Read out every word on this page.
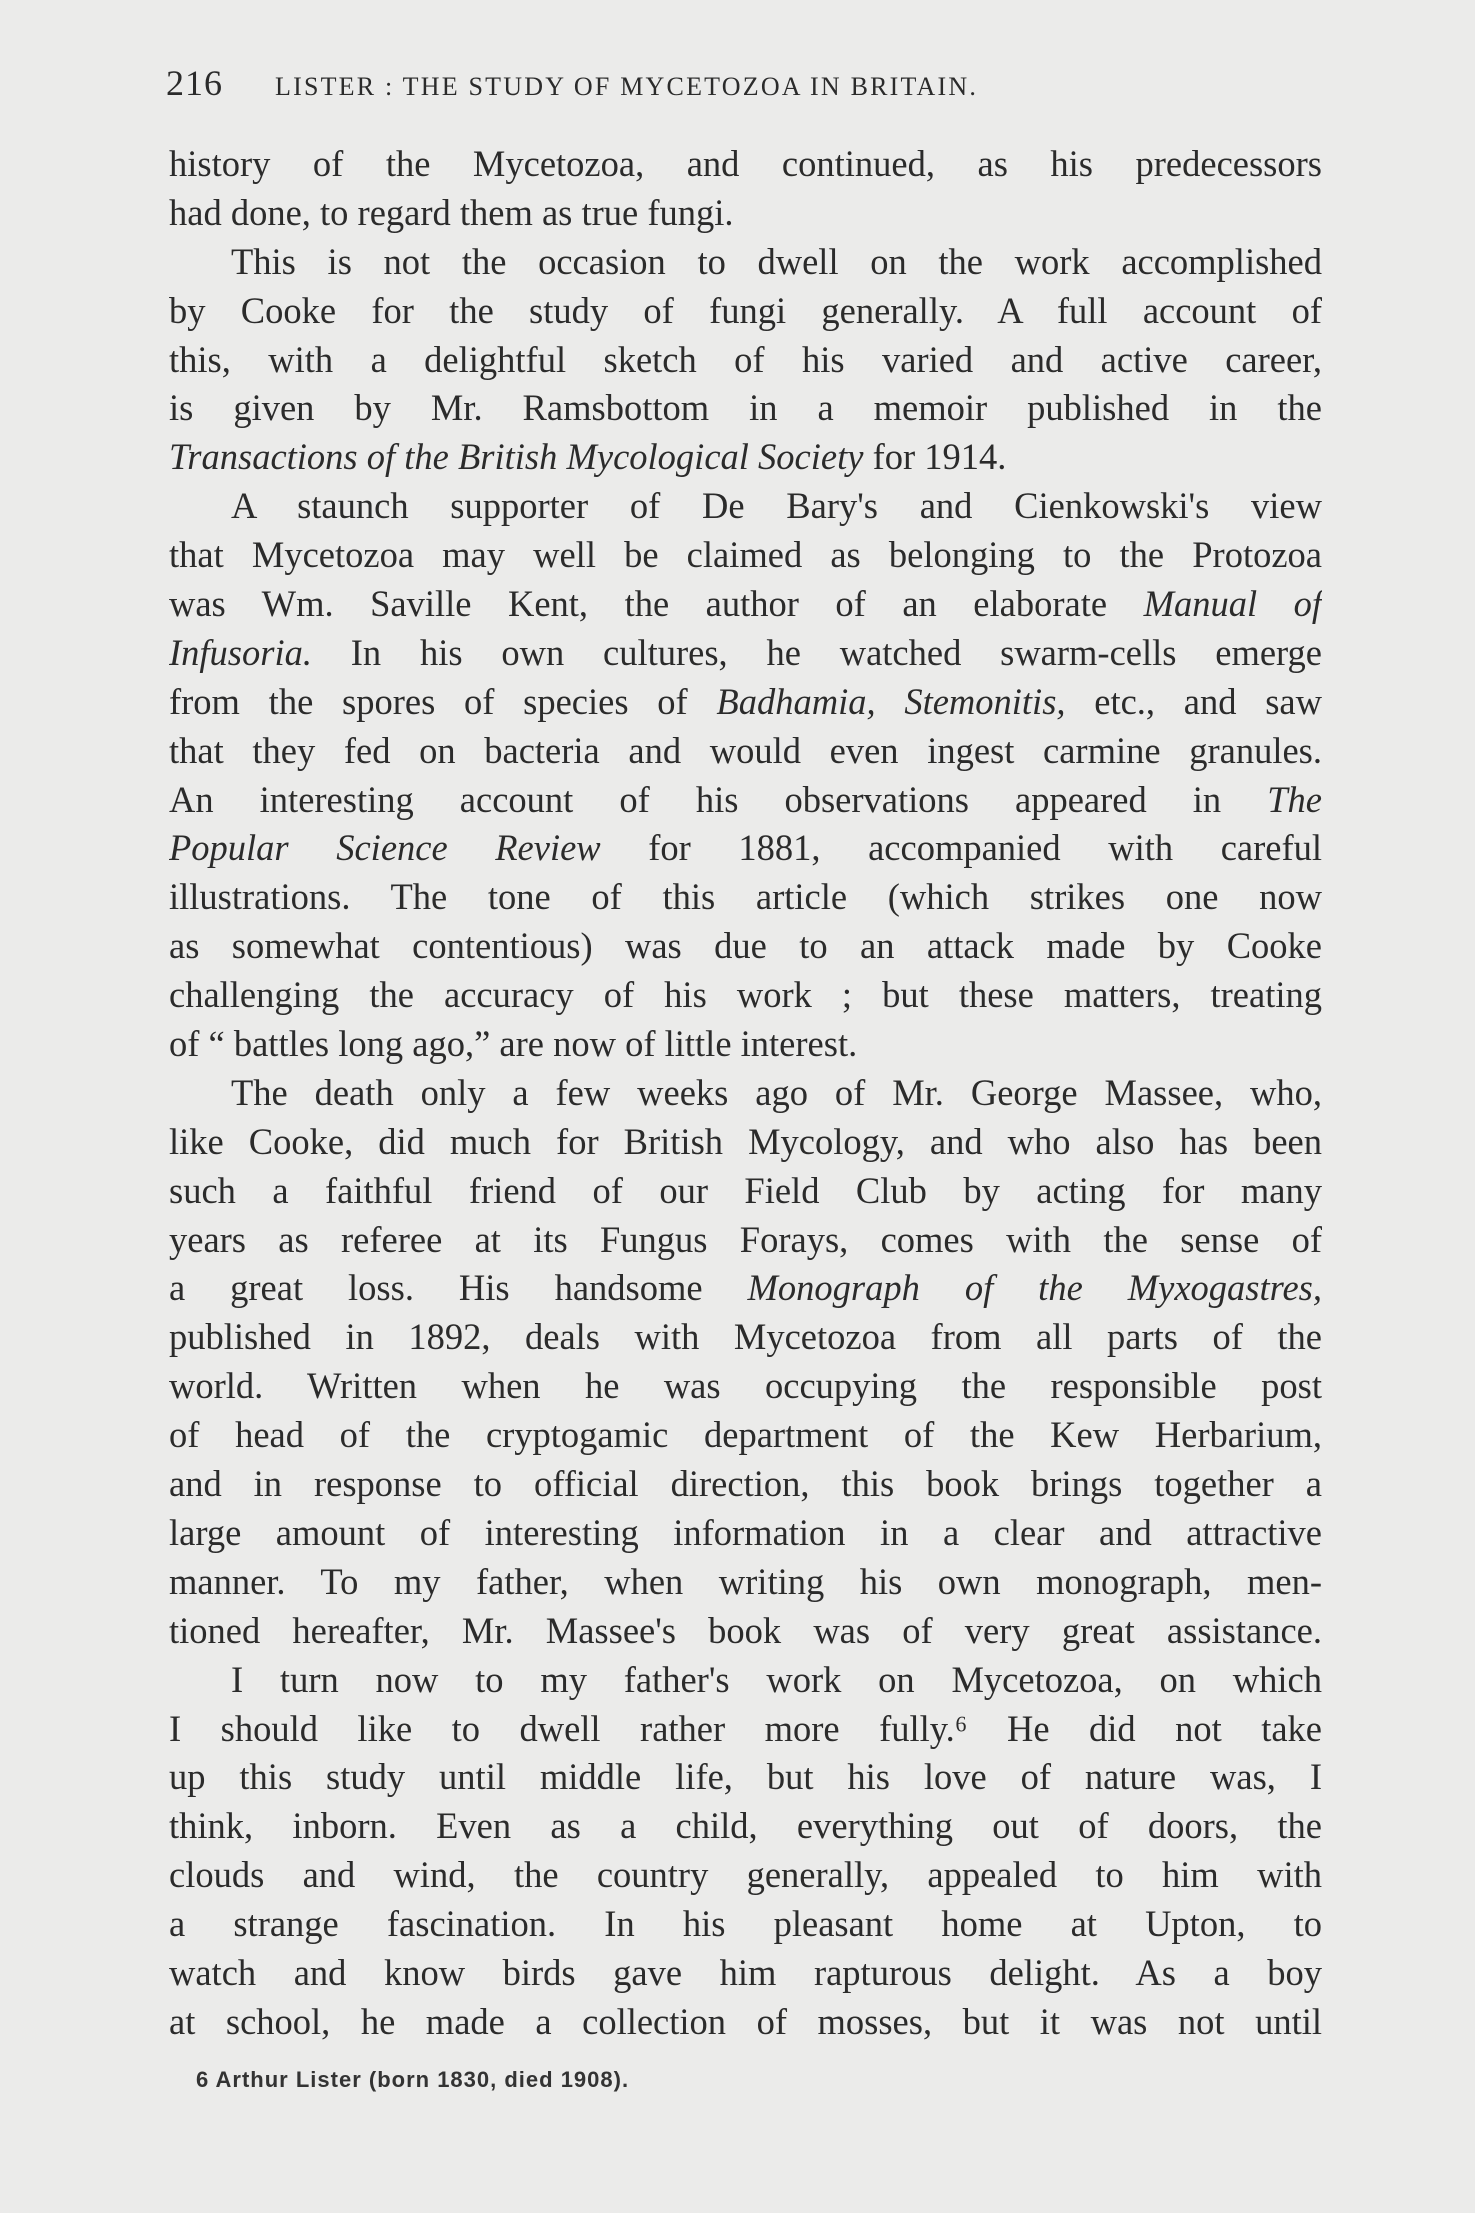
216 LISTER : THE STUDY OF MYCETOZOA IN BRITAIN.
history of the Mycetozoa, and continued, as his predecessors
had done, to regard them as true fungi.
This is not the occasion to dwell on the work accomplished
by Cooke for the study of fungi generally. A full account of
this, with a delightful sketch of his varied and active career,
is given by Mr. Ramsbottom in a memoir published in the
Transactions of the British Mycological Society for 1914.
A staunch supporter of De Bary's and Cienkowski's view
that Mycetozoa may well be claimed as belonging to the Protozoa
was Wm. Saville Kent, the author of an elaborate Manual of
Infusoria. In his own cultures, he watched swarm-cells emerge
from the spores of species of Badhamia, Stemonitis, etc., and saw
that they fed on bacteria and would even ingest carmine granules.
An interesting account of his observations appeared in The
Popular Science Review for 1881, accompanied with careful
illustrations. The tone of this article (which strikes one now
as somewhat contentious) was due to an attack made by Cooke
challenging the accuracy of his work ; but these matters, treating
of “ battles long ago,” are now of little interest.
The death only a few weeks ago of Mr. George Massee, who,
like Cooke, did much for British Mycology, and who also has been
such a faithful friend of our Field Club by acting for many
years as referee at its Fungus Forays, comes with the sense of
a great loss. His handsome Monograph of the Myxogastres,
published in 1892, deals with Mycetozoa from all parts of the
world. Written when he was occupying the responsible post
of head of the cryptogamic department of the Kew Herbarium,
and in response to official direction, this book brings together a
large amount of interesting information in a clear and attractive
manner. To my father, when writing his own monograph, men-
tioned hereafter, Mr. Massee's book was of very great assistance.
I turn now to my father's work on Mycetozoa, on which
I should like to dwell rather more fully.⁶ He did not take
up this study until middle life, but his love of nature was, I
think, inborn. Even as a child, everything out of doors, the
clouds and wind, the country generally, appealed to him with
a strange fascination. In his pleasant home at Upton, to
watch and know birds gave him rapturous delight. As a boy
at school, he made a collection of mosses, but it was not until
6 Arthur Lister (born 1830, died 1908).
